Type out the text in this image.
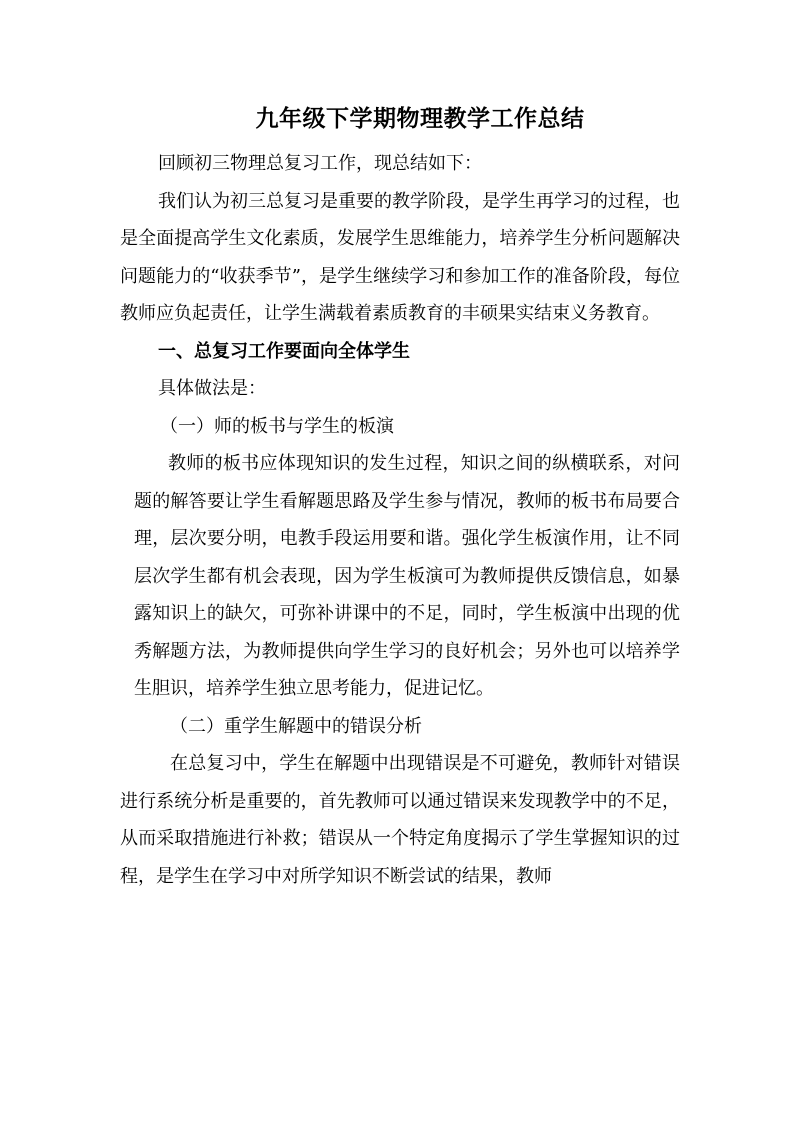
九年级下学期物理教学工作总结

回顾初三物理总复习工作，现总结如下：

我们认为初三总复习是重要的教学阶段，是学生再学习的过程，也是全面提高学生文化素质，发展学生思维能力，培养学生分析问题解决问题能力的“收获季节”，是学生继续学习和参加工作的准备阶段，每位教师应负起责任，让学生满载着素质教育的丰硕果实结束义务教育。

一、总复习工作要面向全体学生

具体做法是：

（一）师的板书与学生的板演

教师的板书应体现知识的发生过程，知识之间的纵横联系，对问题的解答要让学生看解题思路及学生参与情况，教师的板书布局要合理，层次要分明，电教手段运用要和谐。强化学生板演作用，让不同层次学生都有机会表现，因为学生板演可为教师提供反馈信息，如暴露知识上的缺欠，可弥补讲课中的不足，同时，学生板演中出现的优秀解题方法，为教师提供向学生学习的良好机会；另外也可以培养学生胆识，培养学生独立思考能力，促进记忆。

（二）重学生解题中的错误分析

在总复习中，学生在解题中出现错误是不可避免，教师针对错误进行系统分析是重要的，首先教师可以通过错误来发现教学中的不足，从而采取措施进行补救；错误从一个特定角度揭示了学生掌握知识的过程，是学生在学习中对所学知识不断尝试的结果，教师
